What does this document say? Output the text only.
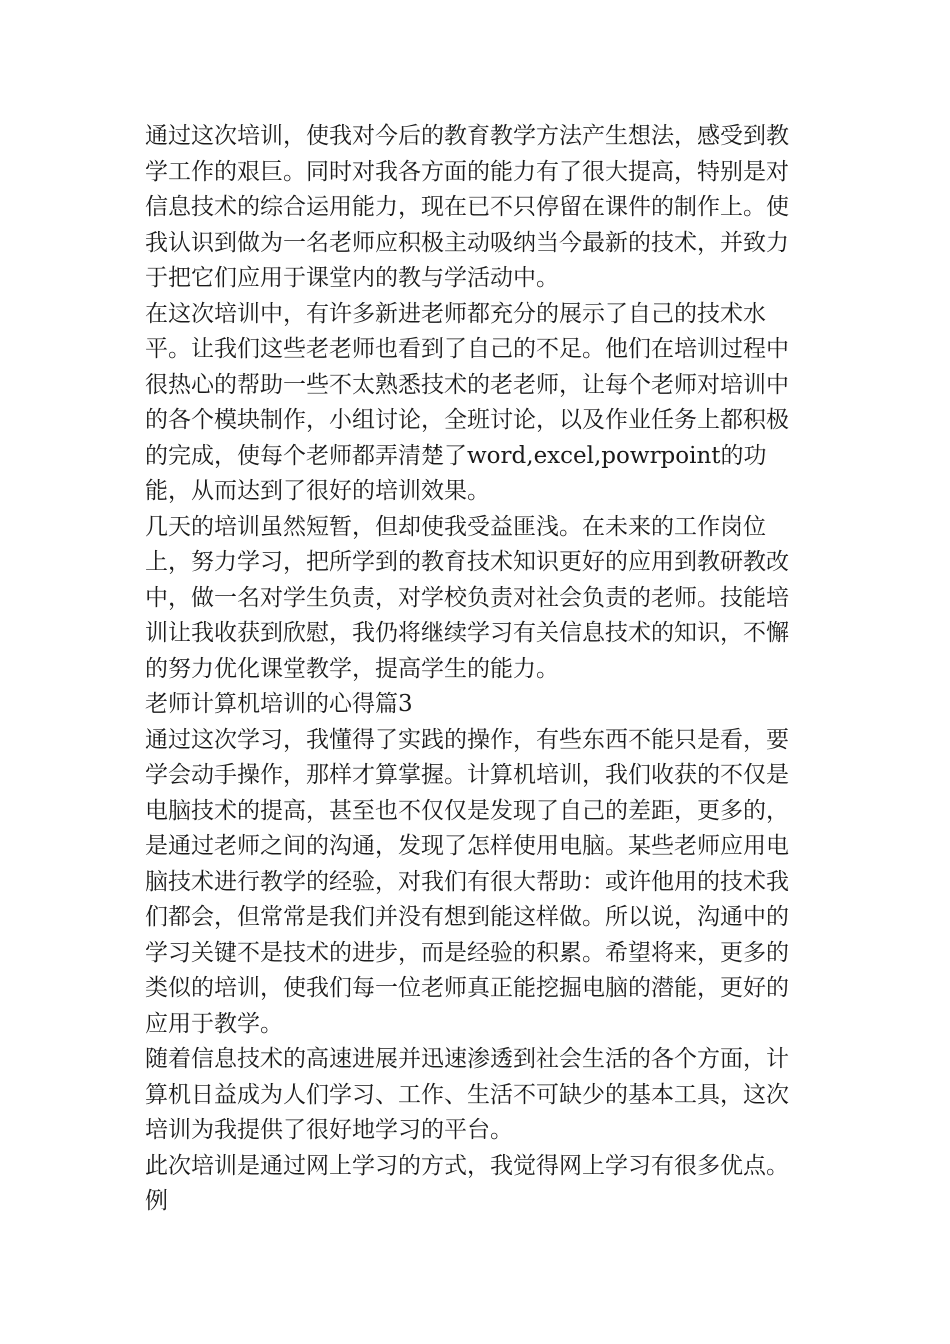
通过这次培训，使我对今后的教育教学方法产生想法，感受到教学工作的艰巨。同时对我各方面的能力有了很大提高，特别是对信息技术的综合运用能力，现在已不只停留在课件的制作上。使我认识到做为一名老师应积极主动吸纳当今最新的技术，并致力于把它们应用于课堂内的教与学活动中。

在这次培训中，有许多新进老师都充分的展示了自己的技术水平。让我们这些老老师也看到了自己的不足。他们在培训过程中很热心的帮助一些不太熟悉技术的老老师，让每个老师对培训中的各个模块制作，小组讨论，全班讨论，以及作业任务上都积极的完成，使每个老师都弄清楚了word,excel,powrpoint的功能，从而达到了很好的培训效果。

几天的培训虽然短暂，但却使我受益匪浅。在未来的工作岗位上，努力学习，把所学到的教育技术知识更好的应用到教研教改中，做一名对学生负责，对学校负责对社会负责的老师。技能培训让我收获到欣慰，我仍将继续学习有关信息技术的知识，不懈的努力优化课堂教学，提高学生的能力。

老师计算机培训的心得篇3

通过这次学习，我懂得了实践的操作，有些东西不能只是看，要学会动手操作，那样才算掌握。计算机培训，我们收获的不仅是电脑技术的提高，甚至也不仅仅是发现了自己的差距，更多的，是通过老师之间的沟通，发现了怎样使用电脑。某些老师应用电脑技术进行教学的经验，对我们有很大帮助：或许他用的技术我们都会，但常常是我们并没有想到能这样做。所以说，沟通中的学习关键不是技术的进步，而是经验的积累。希望将来，更多的类似的培训，使我们每一位老师真正能挖掘电脑的潜能，更好的应用于教学。

随着信息技术的高速进展并迅速渗透到社会生活的各个方面，计算机日益成为人们学习、工作、生活不可缺少的基本工具，这次培训为我提供了很好地学习的平台。

此次培训是通过网上学习的方式，我觉得网上学习有很多优点。例
